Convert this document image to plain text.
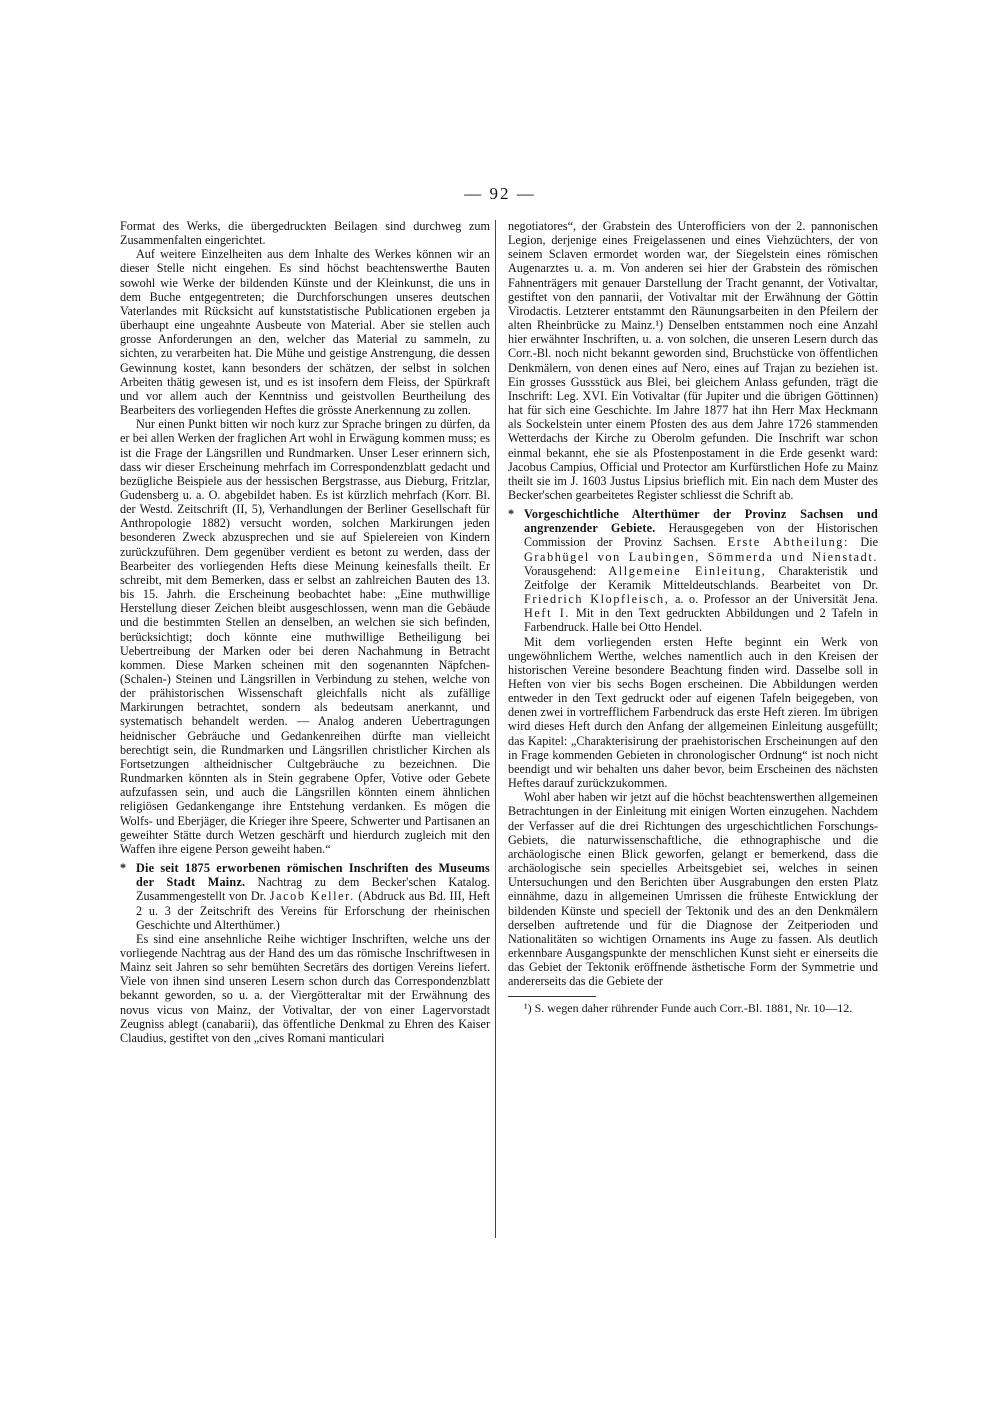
— 92 —

Format des Werks, die übergedruckten Beilagen sind durchweg zum Zusammenfalten eingerichtet.

Auf weitere Einzelheiten aus dem Inhalte des Werkes können wir an dieser Stelle nicht eingehen. Es sind höchst beachtenswerthe Bauten sowohl wie Werke der bildenden Künste und der Kleinkunst, die uns in dem Buche entgegentreten; die Durchforschungen unseres deutschen Vaterlandes mit Rücksicht auf kunststatistische Publicationen ergeben ja überhaupt eine ungeahnte Ausbeute von Material. Aber sie stellen auch grosse Anforderungen an den, welcher das Material zu sammeln, zu sichten, zu verarbeiten hat. Die Mühe und geistige Anstrengung, die dessen Gewinnung kostet, kann besonders der schätzen, der selbst in solchen Arbeiten thätig gewesen ist, und es ist insofern dem Fleiss, der Spürkraft und vor allem auch der Kenntniss und geistvollen Beurtheilung des Bearbeiters des vorliegenden Heftes die grösste Anerkennung zu zollen.

Nur einen Punkt bitten wir noch kurz zur Sprache bringen zu dürfen, da er bei allen Werken der fraglichen Art wohl in Erwägung kommen muss; es ist die Frage der Längsrillen und Rundmarken. Unser Leser erinnern sich, dass wir dieser Erscheinung mehrfach im Correspondenzblatt gedacht und bezügliche Beispiele aus der hessischen Bergstrasse, aus Dieburg, Fritzlar, Gudensberg u. a. O. abgebildet haben. Es ist kürzlich mehrfach (Korr. Bl. der Westd. Zeitschrift (II, 5), Verhandlungen der Berliner Gesellschaft für Anthropologie 1882) versucht worden, solchen Markirungen jeden besonderen Zweck abzusprechen und sie auf Spielereien von Kindern zurückzuführen. Dem gegenüber verdient es betont zu werden, dass der Bearbeiter des vorliegenden Hefts diese Meinung keinesfalls theilt. Er schreibt, mit dem Bemerken, dass er selbst an zahlreichen Bauten des 13. bis 15. Jahrh. die Erscheinung beobachtet habe: „Eine muthwillige Herstellung dieser Zeichen bleibt ausgeschlossen, wenn man die Gebäude und die bestimmten Stellen an denselben, an welchen sie sich befinden, berücksichtigt; doch könnte eine muthwillige Betheiligung bei Uebertreibung der Marken oder bei deren Nachahmung in Betracht kommen. Diese Marken scheinen mit den sogenannten Näpfchen- (Schalen-) Steinen und Längsrillen in Verbindung zu stehen, welche von der prähistorischen Wissenschaft gleichfalls nicht als zufällige Markirungen betrachtet, sondern als bedeutsam anerkannt, und systematisch behandelt werden. — Analog anderen Uebertragungen heidnischer Gebräuche und Gedankenreihen dürfte man vielleicht berechtigt sein, die Rundmarken und Längsrillen christlicher Kirchen als Fortsetzungen altheidnischer Cultgebräuche zu bezeichnen. Die Rundmarken könnten als in Stein gegrabene Opfer, Votive oder Gebete aufzufassen sein, und auch die Längsrillen könnten einem ähnlichen religiösen Gedankengange ihre Entstehung verdanken. Es mögen die Wolfs- und Eberjäger, die Krieger ihre Speere, Schwerter und Partisanen an geweihter Stätte durch Wetzen geschärft und hierdurch zugleich mit den Waffen ihre eigene Person geweiht haben.“

* Die seit 1875 erworbenen römischen Inschriften des Museums der Stadt Mainz. Nachtrag zu dem Becker'schen Katalog. Zusammengestellt von Dr. Jacob Keller. (Abdruck aus Bd. III, Heft 2 u. 3 der Zeitschrift des Vereins für Erforschung der rheinischen Geschichte und Alterthümer.)

Es sind eine ansehnliche Reihe wichtiger Inschriften, welche uns der vorliegende Nachtrag aus der Hand des um das römische Inschriftwesen in Mainz seit Jahren so sehr bemühten Secretärs des dortigen Vereins liefert. Viele von ihnen sind unseren Lesern schon durch das Correspondenzblatt bekannt geworden, so u. a. der Viergötteraltar mit der Erwähnung des novus vicus von Mainz, der Votivaltar, der von einer Lagervorstadt Zeugniss ablegt (canabarii), das öffentliche Denkmal zu Ehren des Kaiser Claudius, gestiftet von den „cives Romani manticulari

negotiatores“, der Grabstein des Unterofficiers von der 2. pannonischen Legion, derjenige eines Freigelassenen und eines Viehzüchters, der von seinem Sclaven ermordet worden war, der Siegelstein eines römischen Augenarztes u. a. m. Von anderen sei hier der Grabstein des römischen Fahnenträgers mit genauer Darstellung der Tracht genannt, der Votivaltar, gestiftet von den pannarii, der Votivaltar mit der Erwähnung der Göttin Virodactis. Letzterer entstammt den Räunungsarbeiten in den Pfeilern der alten Rheinbrücke zu Mainz.¹) Denselben entstammen noch eine Anzahl hier erwähnter Inschriften, u. a. von solchen, die unseren Lesern durch das Corr.-Bl. noch nicht bekannt geworden sind, Bruchstücke von öffentlichen Denkmälern, von denen eines auf Nero, eines auf Trajan zu beziehen ist. Ein grosses Gussstück aus Blei, bei gleichem Anlass gefunden, trägt die Inschrift: Leg. XVI. Ein Votivaltar (für Jupiter und die übrigen Göttinnen) hat für sich eine Geschichte. Im Jahre 1877 hat ihn Herr Max Heckmann als Sockelstein unter einem Pfosten des aus dem Jahre 1726 stammenden Wetterdachs der Kirche zu Oberolm gefunden. Die Inschrift war schon einmal bekannt, ehe sie als Pfostenpostament in die Erde gesenkt ward: Jacobus Campius, Official und Protector am Kurfürstlichen Hofe zu Mainz theilt sie im J. 1603 Justus Lipsius brieflich mit. Ein nach dem Muster des Becker'schen gearbeitetes Register schliesst die Schrift ab.

* Vorgeschichtliche Alterthümer der Provinz Sachsen und angrenzender Gebiete. Herausgegeben von der Historischen Commission der Provinz Sachsen. Erste Abtheilung: Die Grabhügel von Laubingen, Sömmerda und Nienstadt. Vorausgehend: Allgemeine Einleitung, Charakteristik und Zeitfolge der Keramik Mitteldeutschlands. Bearbeitet von Dr. Friedrich Klopfleisch, a. o. Professor an der Universität Jena. Heft I. Mit in den Text gedruckten Abbildungen und 2 Tafeln in Farbendruck. Halle bei Otto Hendel.

Mit dem vorliegenden ersten Hefte beginnt ein Werk von ungewöhnlichem Werthe, welches namentlich auch in den Kreisen der historischen Vereine besondere Beachtung finden wird. Dasselbe soll in Heften von vier bis sechs Bogen erscheinen. Die Abbildungen werden entweder in den Text gedruckt oder auf eigenen Tafeln beigegeben, von denen zwei in vortrefflichem Farbendruck das erste Heft zieren. Im übrigen wird dieses Heft durch den Anfang der allgemeinen Einleitung ausgefüllt; das Kapitel: „Charakterisirung der praehistorischen Erscheinungen auf den in Frage kommenden Gebieten in chronologischer Ordnung“ ist noch nicht beendigt und wir behalten uns daher bevor, beim Erscheinen des nächsten Heftes darauf zurückzukommen.

Wohl aber haben wir jetzt auf die höchst beachtenswerthen allgemeinen Betrachtungen in der Einleitung mit einigen Worten einzugehen. Nachdem der Verfasser auf die drei Richtungen des urgeschichtlichen Forschungs-Gebiets, die naturwissenschaftliche, die ethnographische und die archäologische einen Blick geworfen, gelangt er bemerkend, dass die archäologische sein specielles Arbeitsgebiet sei, welches in seinen Untersuchungen und den Berichten über Ausgrabungen den ersten Platz einnähme, dazu in allgemeinen Umrissen die früheste Entwicklung der bildenden Künste und speciell der Tektonik und des an den Denkmälern derselben auftretende und für die Diagnose der Zeitperioden und Nationalitäten so wichtigen Ornaments ins Auge zu fassen. Als deutlich erkennbare Ausgangspunkte der menschlichen Kunst sieht er einerseits die das Gebiet der Tektonik eröffnende ästhetische Form der Symmetrie und andererseits das die Gebiete der

¹) S. wegen daher rührender Funde auch Corr.-Bl. 1881, Nr. 10—12.
